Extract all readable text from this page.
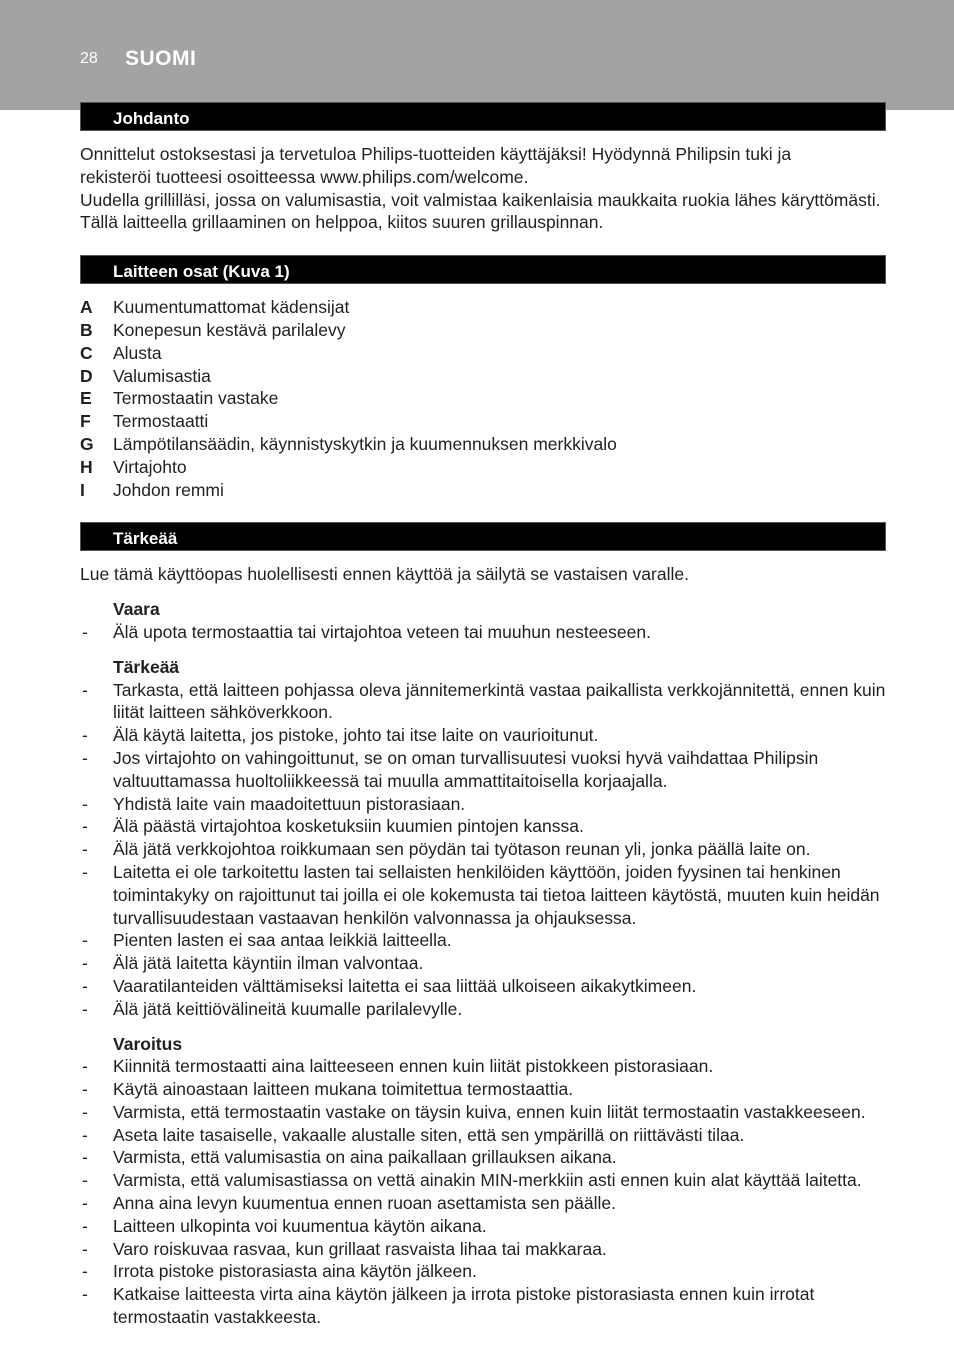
28 SUOMI
Johdanto

Onnittelut ostoksestasi ja tervetuloa Philips-tuotteiden käyttäjäksi! Hyödynnä Philipsin tuki ja

rekisteröi tuotteesi osoitteessa www.philips.com/welcome.

Uudella grillilläsi, jossa on valumisastia, voit valmistaa kaikenlaisia maukkaita ruokia lähes käryttömästi.

Tällä laitteella grillaaminen on helppoa, kiitos suuren grillauspinnan.

Laitteen osat (Kuva 1)
A	Kuumentumattomat kädensijat
B	Konepesun kestävä parilalevy
C	Alusta
D	Valumisastia
E	Termostaatin vastake
F	Termostaatti
G	Lämpötilansäädin, käynnistyskytkin ja kuumennuksen merkkivalo
H	Virtajohto
I	Johdon remmi
Tärkeää

Lue tämä käyttöopas huolellisesti ennen käyttöä ja säilytä se vastaisen varalle.

Vaara
-	Älä upota termostaattia tai virtajohtoa veteen tai muuhun nesteeseen.
Tärkeää
-	Tarkasta, että laitteen pohjassa oleva jännitemerkintä vastaa paikallista verkkojännitettä, ennen kuin liität laitteen sähköverkkoon.
-	Älä käytä laitetta, jos pistoke, johto tai itse laite on vaurioitunut.
-	Jos virtajohto on vahingoittunut, se on oman turvallisuutesi vuoksi hyvä vaihdattaa Philipsin valtuuttamassa huoltoliikkeessä tai muulla ammattitaitoisella korjaajalla.
-	Yhdistä laite vain maadoitettuun pistorasiaan.
-	Älä päästä virtajohtoa kosketuksiin kuumien pintojen kanssa.
-	Älä jätä verkkojohtoa roikkumaan sen pöydän tai työtason reunan yli, jonka päällä laite on.
-	Laitetta ei ole tarkoitettu lasten tai sellaisten henkilöiden käyttöön, joiden fyysinen tai henkinen toimintakyky on rajoittunut tai joilla ei ole kokemusta tai tietoa laitteen käytöstä, muuten kuin heidän turvallisuudestaan vastaavan henkilön valvonnassa ja ohjauksessa.
-	Pienten lasten ei saa antaa leikkiä laitteella.
-	Älä jätä laitetta käyntiin ilman valvontaa.
-	Vaaratilanteiden välttämiseksi laitetta ei saa liittää ulkoiseen aikakytkimeen.
-	Älä jätä keittiövälineitä kuumalle parilalevylle.
Varoitus
-	Kiinnitä termostaatti aina laitteeseen ennen kuin liität pistokkeen pistorasiaan.
-	Käytä ainoastaan laitteen mukana toimitettua termostaattia.
-	Varmista, että termostaatin vastake on täysin kuiva, ennen kuin liität termostaatin vastakkeeseen.
-	Aseta laite tasaiselle, vakaalle alustalle siten, että sen ympärillä on riittävästi tilaa.
-	Varmista, että valumisastia on aina paikallaan grillauksen aikana.
-	Varmista, että valumisastiassa on vettä ainakin MIN-merkkiin asti ennen kuin alat käyttää laitetta.
-	Anna aina levyn kuumentua ennen ruoan asettamista sen päälle.
-	Laitteen ulkopinta voi kuumentua käytön aikana.
-	Varo roiskuvaa rasvaa, kun grillaat rasvaista lihaa tai makkaraa.
-	Irrota pistoke pistorasiasta aina käytön jälkeen.
-	Katkaise laitteesta virta aina käytön jälkeen ja irrota pistoke pistorasiasta ennen kuin irrotat termostaatin vastakkeesta.
